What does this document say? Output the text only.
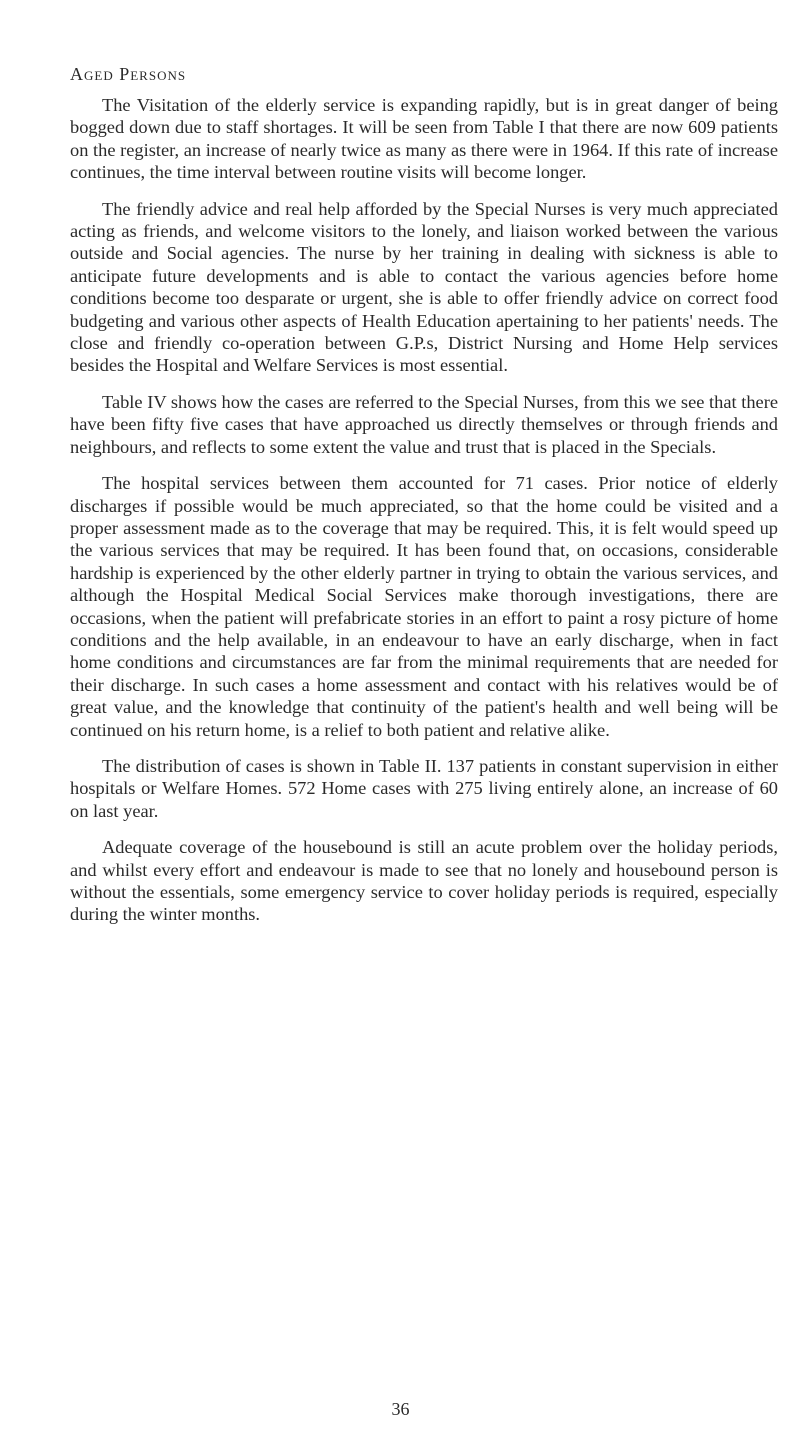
Aged Persons

The Visitation of the elderly service is expanding rapidly, but is in great danger of being bogged down due to staff shortages. It will be seen from Table I that there are now 609 patients on the register, an increase of nearly twice as many as there were in 1964. If this rate of increase continues, the time interval between routine visits will become longer.

The friendly advice and real help afforded by the Special Nurses is very much appreciated acting as friends, and welcome visitors to the lonely, and liaison worked between the various outside and Social agencies. The nurse by her training in dealing with sickness is able to anticipate future developments and is able to contact the various agencies before home conditions become too desparate or urgent, she is able to offer friendly advice on correct food budgeting and various other aspects of Health Education apertaining to her patients' needs. The close and friendly co-operation between G.P.s, District Nursing and Home Help services besides the Hospital and Welfare Services is most essential.

Table IV shows how the cases are referred to the Special Nurses, from this we see that there have been fifty five cases that have approached us directly themselves or through friends and neighbours, and reflects to some extent the value and trust that is placed in the Specials.

The hospital services between them accounted for 71 cases. Prior notice of elderly discharges if possible would be much appreciated, so that the home could be visited and a proper assessment made as to the coverage that may be required. This, it is felt would speed up the various services that may be required. It has been found that, on occasions, considerable hardship is experienced by the other elderly partner in trying to obtain the various services, and although the Hospital Medical Social Services make thorough investigations, there are occasions, when the patient will prefabricate stories in an effort to paint a rosy picture of home conditions and the help available, in an endeavour to have an early discharge, when in fact home conditions and circumstances are far from the minimal requirements that are needed for their discharge. In such cases a home assessment and contact with his relatives would be of great value, and the knowledge that continuity of the patient's health and well being will be continued on his return home, is a relief to both patient and relative alike.

The distribution of cases is shown in Table II. 137 patients in constant supervision in either hospitals or Welfare Homes. 572 Home cases with 275 living entirely alone, an increase of 60 on last year.

Adequate coverage of the housebound is still an acute problem over the holiday periods, and whilst every effort and endeavour is made to see that no lonely and housebound person is without the essentials, some emergency service to cover holiday periods is required, especially during the winter months.

36
